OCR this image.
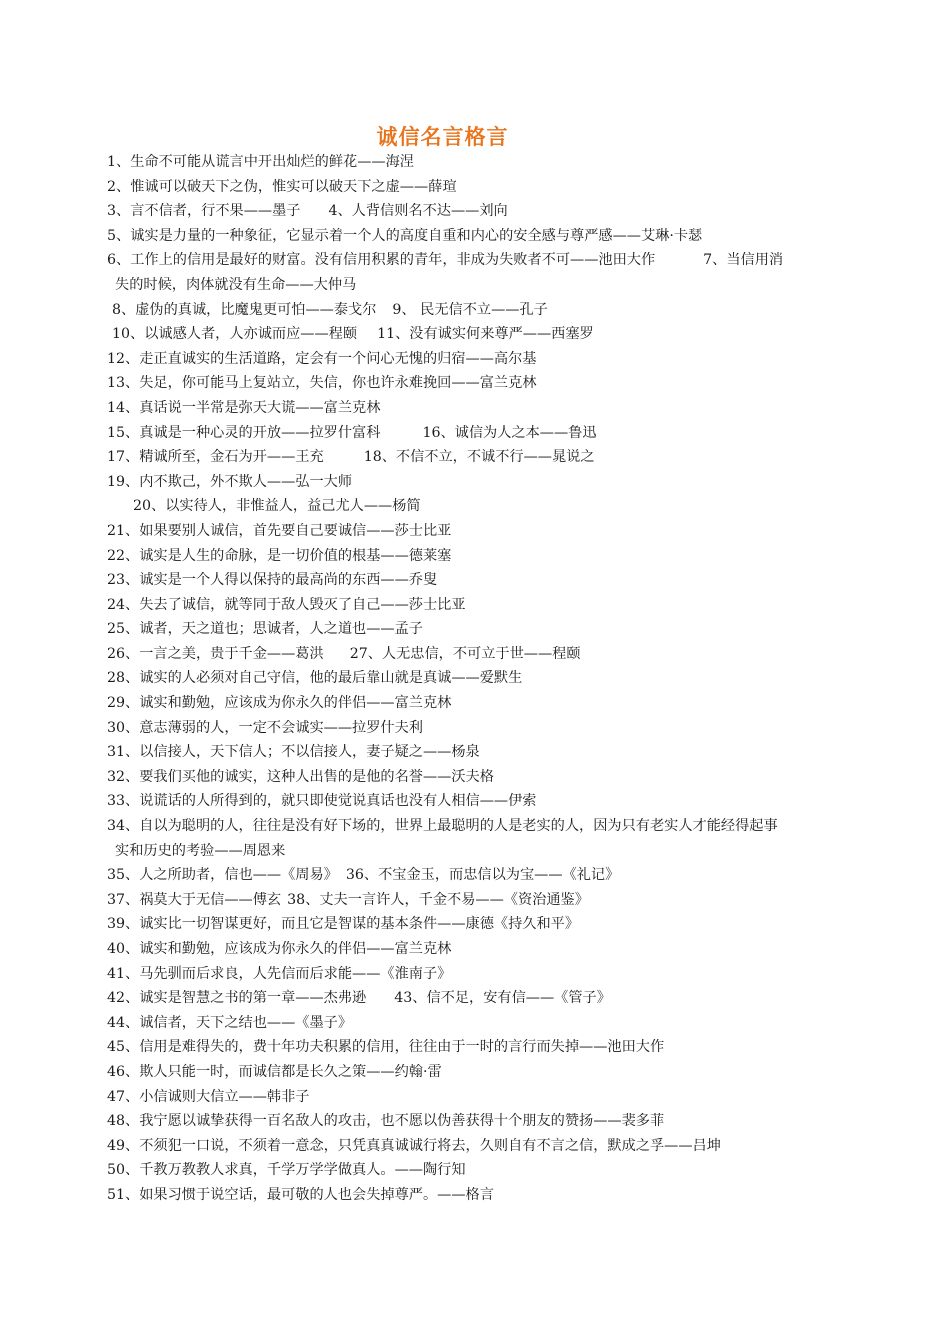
诚信名言格言
1、生命不可能从谎言中开出灿烂的鲜花——海涅
2、惟诚可以破天下之伪，惟实可以破天下之虚——薛瑄
3、言不信者，行不果——墨子 4、人背信则名不达——刘向
5、诚实是力量的一种象征，它显示着一个人的高度自重和内心的安全感与尊严感——艾琳·卡瑟
6、工作上的信用是最好的财富。没有信用积累的青年，非成为失败者不可——池田大作	7、当信用消
失的时候，肉体就没有生命——大仲马
8、虚伪的真诚，比魔鬼更可怕——泰戈尔 9、 民无信不立——孔子
10、以诚感人者，人亦诚而应——程颐 11、没有诚实何来尊严——西塞罗
12、走正直诚实的生活道路，定会有一个问心无愧的归宿——高尔基
13、失足，你可能马上复站立，失信，你也许永难挽回——富兰克林
14、真话说一半常是弥天大谎——富兰克林
15、真诚是一种心灵的开放——拉罗什富科	16、诚信为人之本——鲁迅
17、精诚所至，金石为开——王充	18、不信不立，不诚不行——晁说之
19、内不欺己，外不欺人——弘一大师
20、以实待人，非惟益人，益己尤人——杨简
21、如果要别人诚信，首先要自己要诚信——莎士比亚
22、诚实是人生的命脉，是一切价值的根基——德莱塞
23、诚实是一个人得以保持的最高尚的东西——乔叟
24、失去了诚信，就等同于敌人毁灭了自己——莎士比亚
25、诚者，天之道也；思诚者，人之道也——孟子
26、一言之美，贵于千金——葛洪 27、人无忠信，不可立于世——程颐
28、诚实的人必须对自己守信，他的最后靠山就是真诚——爱默生
29、诚实和勤勉，应该成为你永久的伴侣——富兰克林
30、意志薄弱的人，一定不会诚实——拉罗什夫利
31、以信接人，天下信人；不以信接人，妻子疑之——杨泉
32、要我们买他的诚实，这种人出售的是他的名誉——沃夫格
33、说谎话的人所得到的，就只即使觉说真话也没有人相信——伊索
34、自以为聪明的人，往往是没有好下场的，世界上最聪明的人是老实的人，因为只有老实人才能经得起事
实和历史的考验——周恩来
35、人之所助者，信也——《周易》 36、不宝金玉，而忠信以为宝——《礼记》
37、祸莫大于无信——傅玄 38、丈夫一言许人，千金不易——《资治通鉴》
39、诚实比一切智谋更好，而且它是智谋的基本条件——康德《持久和平》
40、诚实和勤勉，应该成为你永久的伴侣——富兰克林
41、马先驯而后求良，人先信而后求能——《淮南子》
42、诚实是智慧之书的第一章——杰弗逊 43、信不足，安有信——《管子》
44、诚信者，天下之结也——《墨子》
45、信用是难得失的，费十年功夫积累的信用，往往由于一时的言行而失掉——池田大作
46、欺人只能一时，而诚信都是长久之策——约翰·雷
47、小信诚则大信立——韩非子
48、我宁愿以诚挚获得一百名敌人的攻击，也不愿以伪善获得十个朋友的赞扬——裴多菲
49、不须犯一口说，不须着一意念，只凭真真诚诚行将去，久则自有不言之信，默成之孚——吕坤
50、千教万教教人求真，千学万学学做真人。——陶行知
51、如果习惯于说空话，最可敬的人也会失掉尊严。——格言
